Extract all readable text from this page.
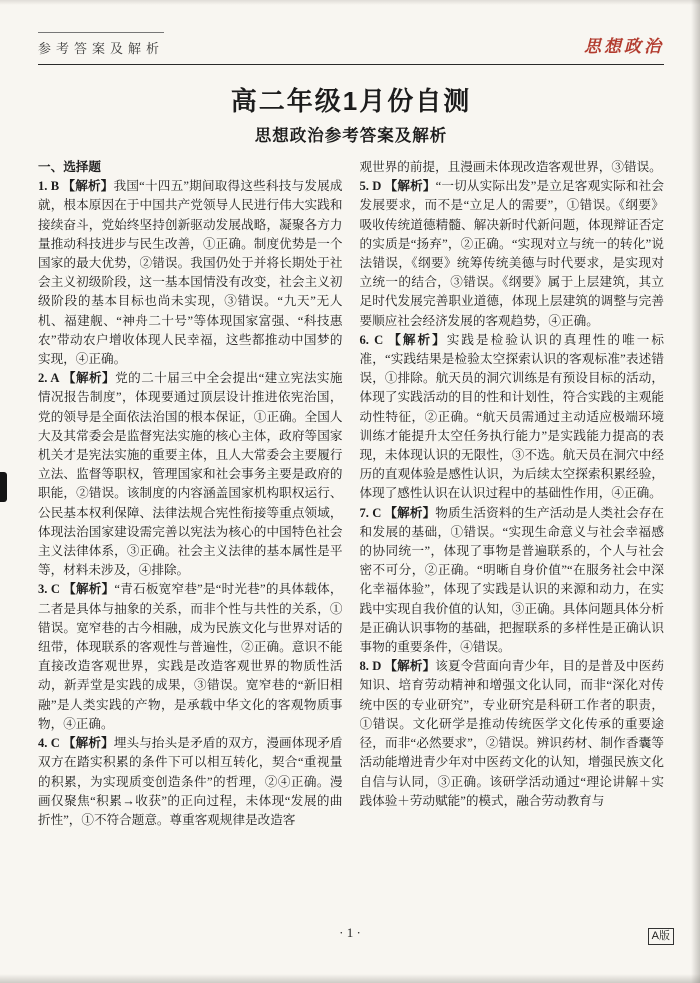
参考答案及解析	思想政治
高二年级1月份自测
思想政治参考答案及解析

一、选择题

1. B 【解析】我国“十四五”期间取得这些科技与发展成就，根本原因在于中国共产党领导人民进行伟大实践和接续奋斗，党始终坚持创新驱动发展战略，凝聚各方力量推动科技进步与民生改善，①正确。制度优势是一个国家的最大优势，②错误。我国仍处于并将长期处于社会主义初级阶段，这一基本国情没有改变，社会主义初级阶段的基本目标也尚未实现，③错误。“九天”无人机、福建舰、“神舟二十号”等体现国家富强、“科技惠农”带动农户增收体现人民幸福，这些都推动中国梦的实现，④正确。

2. A 【解析】党的二十届三中全会提出“建立宪法实施情况报告制度”，体现要通过顶层设计推进依宪治国，党的领导是全面依法治国的根本保证，①正确。全国人大及其常委会是监督宪法实施的核心主体，政府等国家机关才是宪法实施的重要主体，且人大常委会主要履行立法、监督等职权，管理国家和社会事务主要是政府的职能，②错误。该制度的内容涵盖国家机构职权运行、公民基本权利保障、法律法规合宪性衔接等重点领域，体现法治国家建设需完善以宪法为核心的中国特色社会主义法律体系，③正确。社会主义法律的基本属性是平等，材料未涉及，④排除。

3. C 【解析】“青石板宽窄巷”是“时光巷”的具体载体，二者是具体与抽象的关系，而非个性与共性的关系，①错误。宽窄巷的古今相融，成为民族文化与世界对话的纽带，体现联系的客观性与普遍性，②正确。意识不能直接改造客观世界，实践是改造客观世界的物质性活动，新弄堂是实践的成果，③错误。宽窄巷的“新旧相融”是人类实践的产物，是承载中华文化的客观物质事物，④正确。

4. C 【解析】埋头与抬头是矛盾的双方，漫画体现矛盾双方在踏实积累的条件下可以相互转化，契合“重视量的积累，为实现质变创造条件”的哲理，②④正确。漫画仅聚焦“积累→收获”的正向过程，未体现“发展的曲折性”，①不符合题意。尊重客观规律是改造客

观世界的前提，且漫画未体现改造客观世界，③错误。

5. D 【解析】“一切从实际出发”是立足客观实际和社会发展要求，而不是“立足人的需要”，①错误。《纲要》吸收传统道德精髓、解决新时代新问题，体现辩证否定的实质是“扬弃”，②正确。“实现对立与统一的转化”说法错误，《纲要》统筹传统美德与时代要求，是实现对立统一的结合，③错误。《纲要》属于上层建筑，其立足时代发展完善职业道德，体现上层建筑的调整与完善要顺应社会经济发展的客观趋势，④正确。

6. C 【解析】实践是检验认识的真理性的唯一标准，“实践结果是检验太空探索认识的客观标准”表述错误，①排除。航天员的洞穴训练是有预设目标的活动，体现了实践活动的目的性和计划性，符合实践的主观能动性特征，②正确。“航天员需通过主动适应极端环境训练才能提升太空任务执行能力”是实践能力提高的表现，未体现认识的无限性，③不选。航天员在洞穴中经历的直观体验是感性认识，为后续太空探索积累经验，体现了感性认识在认识过程中的基础性作用，④正确。

7. C 【解析】物质生活资料的生产活动是人类社会存在和发展的基础，①错误。“实现生命意义与社会幸福感的协同统一”，体现了事物是普遍联系的，个人与社会密不可分，②正确。“明晰自身价值”“在服务社会中深化幸福体验”，体现了实践是认识的来源和动力，在实践中实现自我价值的认知，③正确。具体问题具体分析是正确认识事物的基础，把握联系的多样性是正确认识事物的重要条件，④错误。

8. D 【解析】该夏令营面向青少年，目的是普及中医药知识、培育劳动精神和增强文化认同，而非“深化对传统中医的专业研究”，专业研究是科研工作者的职责，①错误。文化研学是推动传统医学文化传承的重要途径，而非“必然要求”，②错误。辨识药材、制作香囊等活动能增进青少年对中医药文化的认知，增强民族文化自信与认同，③正确。该研学活动通过“理论讲解＋实践体验＋劳动赋能”的模式，融合劳动教育与

· 1 ·	A版
